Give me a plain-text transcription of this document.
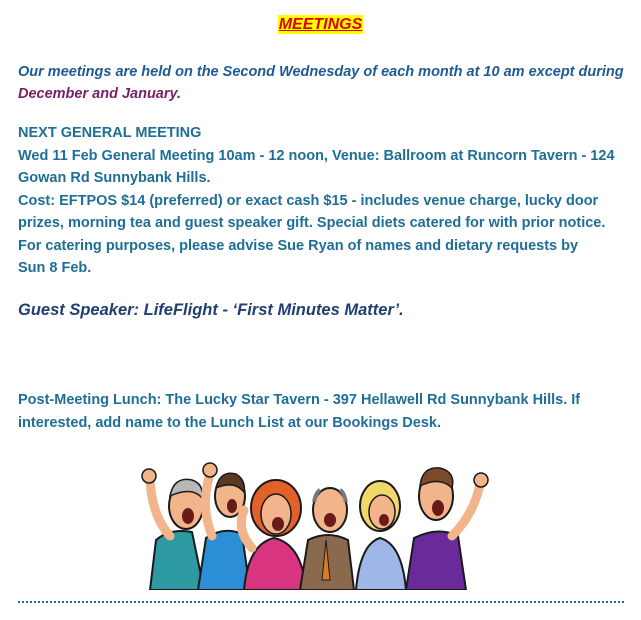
MEETINGS

Our meetings are held on the Second Wednesday of each month at 10 am except during
December and January.

NEXT GENERAL MEETING
Wed 11 Feb General Meeting 10am - 12 noon, Venue: Ballroom at Runcorn Tavern - 124
Gowan Rd Sunnybank Hills.
Cost: EFTPOS $14 (preferred) or exact cash $15 - includes venue charge, lucky door
prizes, morning tea and guest speaker gift. Special diets catered for with prior notice.
For catering purposes, please advise Sue Ryan of names and dietary requests by
Sun 8 Feb.

Guest Speaker: LifeFlight - ‘First Minutes Matter’.

Post-Meeting Lunch: The Lucky Star Tavern - 397 Hellawell Rd Sunnybank Hills. If
interested, add name to the Lunch List at our Bookings Desk.
